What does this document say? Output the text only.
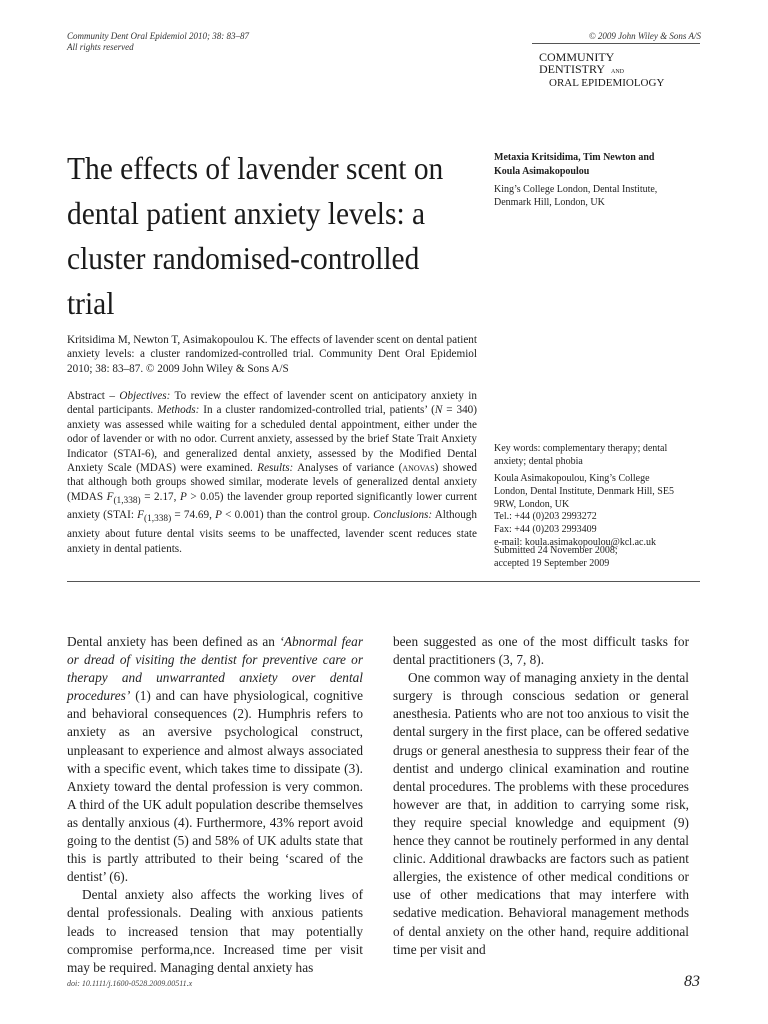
Community Dent Oral Epidemiol 2010; 38: 83–87
All rights reserved
© 2009 John Wiley & Sons A/S
COMMUNITY
DENTISTRY AND
ORAL EPIDEMIOLOGY
The effects of lavender scent on
dental patient anxiety levels: a
cluster randomised-controlled
trial
Metaxia Kritsidima, Tim Newton and
Koula Asimakopoulou
King’s College London, Dental Institute,
Denmark Hill, London, UK
Kritsidima M, Newton T, Asimakopoulou K. The effects of lavender scent on dental patient anxiety levels: a cluster randomized-controlled trial. Community Dent Oral Epidemiol 2010; 38: 83–87. © 2009 John Wiley & Sons A/S
Abstract – Objectives: To review the effect of lavender scent on anticipatory anxiety in dental participants. Methods: In a cluster randomized-controlled trial, patients’ (N = 340) anxiety was assessed while waiting for a scheduled dental appointment, either under the odor of lavender or with no odor. Current anxiety, assessed by the brief State Trait Anxiety Indicator (STAI-6), and generalized dental anxiety, assessed by the Modified Dental Anxiety Scale (MDAS) were examined. Results: Analyses of variance (anovas) showed that although both groups showed similar, moderate levels of generalized dental anxiety (MDAS $F_{(1,338)} = 2.17$, P > 0.05) the lavender group reported significantly lower current anxiety (STAI: $F_{(1,338)} = 74.69$, P < 0.001) than the control group. Conclusions: Although anxiety about future dental visits seems to be unaffected, lavender scent reduces state anxiety in dental patients.
Key words: complementary therapy; dental anxiety; dental phobia
Koula Asimakopoulou, King’s College
London, Dental Institute, Denmark Hill, SE5
9RW, London, UK
Tel.: +44 (0)203 2993272
Fax: +44 (0)203 2993409
e-mail: koula.asimakopoulou@kcl.ac.uk
Submitted 24 November 2008;
accepted 19 September 2009

Dental anxiety has been defined as an ‘Abnormal fear or dread of visiting the dentist for preventive care or therapy and unwarranted anxiety over dental procedures’ (1) and can have physiological, cognitive and behavioral consequences (2). Humphris refers to anxiety as an aversive psychological construct, unpleasant to experience and almost always associated with a specific event, which takes time to dissipate (3). Anxiety toward the dental profession is very common. A third of the UK adult population describe themselves as dentally anxious (4). Furthermore, 43% report avoid going to the dentist (5) and 58% of UK adults state that this is partly attributed to their being ‘scared of the dentist’ (6).

Dental anxiety also affects the working lives of dental professionals. Dealing with anxious patients leads to increased tension that may potentially compromise performa,nce. Increased time per visit may be required. Managing dental anxiety has

been suggested as one of the most difficult tasks for dental practitioners (3, 7, 8).

One common way of managing anxiety in the dental surgery is through conscious sedation or general anesthesia. Patients who are not too anxious to visit the dental surgery in the first place, can be offered sedative drugs or general anesthesia to suppress their fear of the dentist and undergo clinical examination and routine dental procedures. The problems with these procedures however are that, in addition to carrying some risk, they require special knowledge and equipment (9) hence they cannot be routinely performed in any dental clinic. Additional drawbacks are factors such as patient allergies, the existence of other medical conditions or use of other medications that may interfere with sedative medication. Behavioral management methods of dental anxiety on the other hand, require additional time per visit and

doi: 10.1111/j.1600-0528.2009.00511.x	83
